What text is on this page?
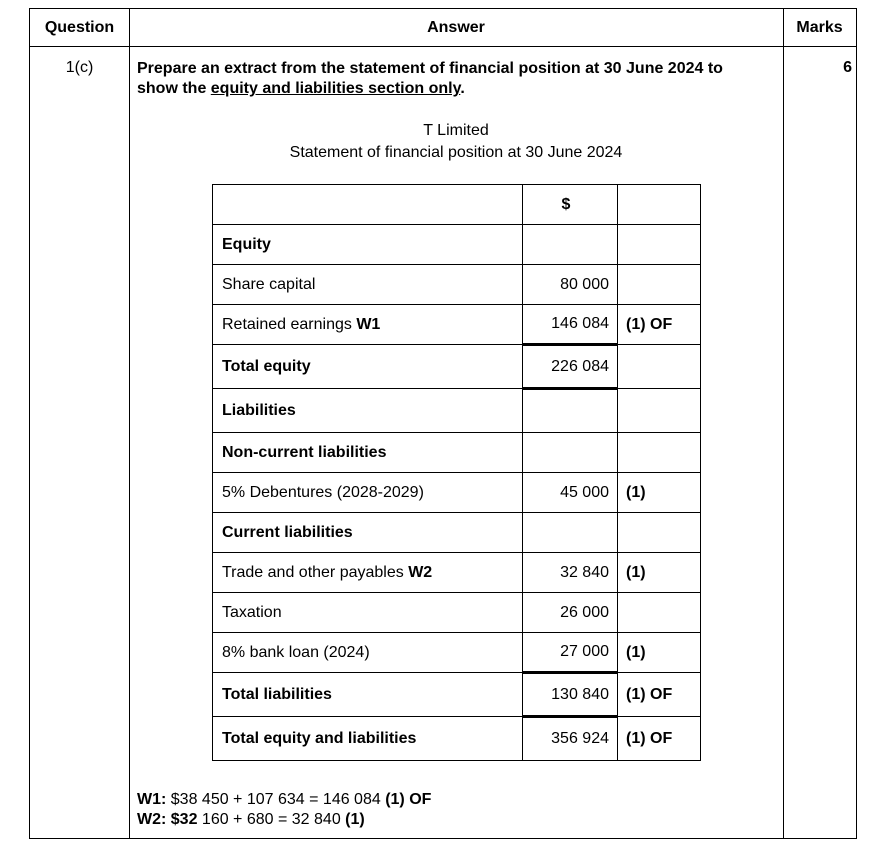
Question	Answer	Marks
1(c)	6
Prepare an extract from the statement of financial position at 30 June 2024 to show the equity and liabilities section only.
T Limited
Statement of financial position at 30 June 2024
	$	
Equity		
Share capital	80 000	
Retained earnings W1	146 084	(1) OF
Total equity	226 084	
Liabilities		
Non-current liabilities		
5% Debentures (2028-2029)	45 000	(1)
Current liabilities		
Trade and other payables W2	32 840	(1)
Taxation	26 000	
8% bank loan (2024)	27 000	(1)
Total liabilities	130 840	(1) OF
Total equity and liabilities	356 924	(1) OF
W1: $38 450 + 107 634 = 146 084 (1) OF
W2: $32 160 + 680 = 32 840 (1)
